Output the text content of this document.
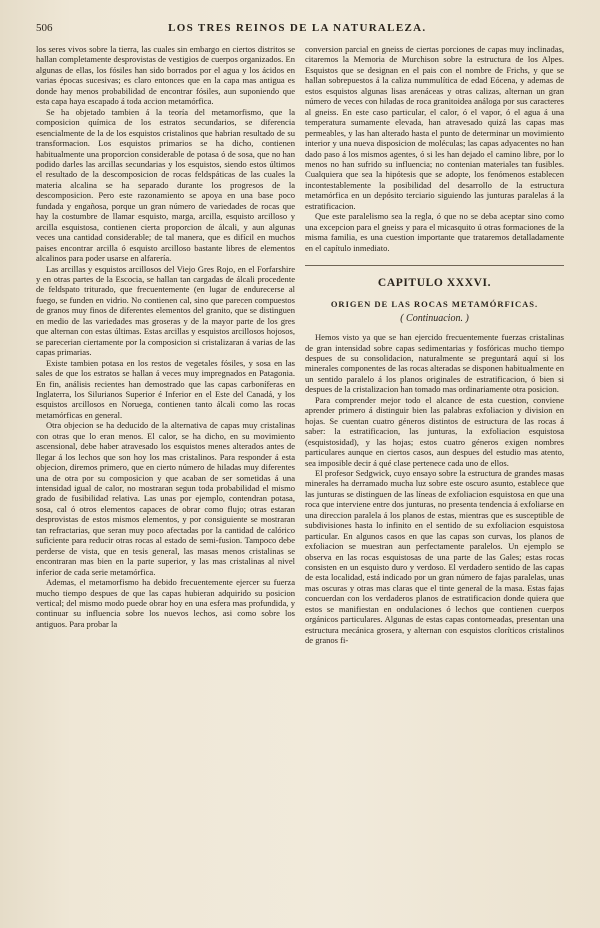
506	LOS TRES REINOS DE LA NATURALEZA.

los seres vivos sobre la tierra, las cuales sin embargo en ciertos distritos se hallan completamente desprovistas de vestigios de cuerpos organizados. En algunas de ellas, los fósiles han sido borrados por el agua y los ácidos en varias épocas sucesivas; es claro entonces que en la capa mas antigua es donde hay menos probabilidad de encontrar fósiles, aun suponiendo que esta capa haya escapado á toda accion metamórfica.

Se ha objetado tambien á la teoría del metamorfismo, que la composicion química de los estratos secundarios, se diferencia esencialmente de la de los esquistos cristalinos que habrian resultado de su transformacion. Los esquistos primarios se ha dicho, contienen habitualmente una proporcion considerable de potasa ó de sosa, que no han podido darles las arcillas secundarias y los esquistos, siendo estos últimos el resultado de la descomposicion de rocas feldspáticas de las cuales la materia alcalina se ha separado durante los progresos de la descomposicion. Pero este razonamiento se apoya en una base poco fundada y engañosa, porque un gran número de variedades de rocas que hay la costumbre de llamar esquisto, marga, arcilla, esquisto arcilloso y arcilla esquistosa, contienen cierta proporcion de álcali, y aun algunas veces una cantidad considerable; de tal manera, que es difícil en muchos paises encontrar arcilla ó esquisto arcilloso bastante libres de elementos alcalinos para poder usarse en alfarería.

Las arcillas y esquistos arcillosos del Viejo Gres Rojo, en el Forfarshire y en otras partes de la Escocia, se hallan tan cargadas de álcali procedente de feldspato triturado, que frecuentemente (en lugar de endurecerse al fuego, se funden en vidrio. No contienen cal, sino que parecen compuestos de granos muy finos de diferentes elementos del granito, que se distinguen en medio de las variedades mas groseras y de la mayor parte de los gres que alternan con estas últimas. Estas arcillas y esquistos arcillosos hojosos, se parecerian ciertamente por la composicion si cristalizaran á varias de las capas primarias.

Existe tambien potasa en los restos de vegetales fósiles, y sosa en las sales de que los estratos se hallan á veces muy impregnados en Patagonia. En fin, análisis recientes han demostrado que las capas carboníferas en Inglaterra, los Silurianos Superior é Inferior en el Este del Canadá, y los esquistos arcillosos en Noruega, contienen tanto álcali como las rocas metamórficas en general.

Otra objecion se ha deducido de la alternativa de capas muy cristalinas con otras que lo eran menos. El calor, se ha dicho, en su movimiento ascensional, debe haber atravesado los esquistos menes alterados antes de llegar á los lechos que son hoy los mas cristalinos. Para responder á esta objecion, diremos primero, que en cierto número de hiladas muy diferentes una de otra por su composicion y que acaban de ser sometidas á una intensidad igual de calor, no mostraran segun toda probabilidad el mismo grado de fusibilidad relativa. Las unas por ejemplo, contendran potasa, sosa, cal ó otros elementos capaces de obrar como flujo; otras estaran desprovistas de estos mismos elementos, y por consiguiente se mostraran tan refractarias, que seran muy poco afectadas por la cantidad de calórico suficiente para reducir otras rocas al estado de semi-fusion. Tampoco debe perderse de vista, que en tesis general, las masas menos cristalinas se encontraran mas bien en la parte superior, y las mas cristalinas al nivel inferior de cada serie metamórfica.

Ademas, el metamorfismo ha debido frecuentemente ejercer su fuerza mucho tiempo despues de que las capas hubieran adquirido su posicion vertical; del mismo modo puede obrar hoy en una esfera mas profundida, y continuar su influencia sobre los nuevos lechos, asi como sobre los antiguos. Para probar la

conversion parcial en gneiss de ciertas porciones de capas muy inclinadas, citaremos la Memoria de Murchison sobre la estructura de los Alpes. Esquistos que se designan en el pais con el nombre de Frichs, y que se hallan sobrepuestos á la caliza nummulítica de edad Eócena, y ademas de estos esquistos algunas lisas arenáceas y otras calizas, alternan un gran número de veces con hiladas de roca granitoidea análoga por sus caracteres al gneiss. En este caso particular, el calor, ó el vapor, ó el agua á una temperatura sumamente elevada, han atravesado quizá las capas mas permeables, y las han alterado hasta el punto de determinar un movimiento interior y una nueva disposicion de moléculas; las capas adyacentes no han dado paso á los mismos agentes, ó si les han dejado el camino libre, por lo menos no han sufrido su influencia; no contenian materiales tan fusibles. Cualquiera que sea la hipótesis que se adopte, los fenómenos establecen incontestablemente la posibilidad del desarrollo de la estructura metamórfica en un depósito terciario siguiendo las junturas paralelas á la estratificacion.

Que este paralelismo sea la regla, ó que no se deba aceptar sino como una excepcion para el gneiss y para el micasquito ú otras formaciones de la misma familia, es una cuestion importante que trataremos detalladamente en el capítulo inmediato.

CAPITULO XXXVI.
ORIGEN DE LAS ROCAS METAMÓRFICAS.
( Continuacion. )

Hemos visto ya que se han ejercido frecuentemente fuerzas cristalinas de gran intensidad sobre capas sedimentarias y fosfóricas mucho tiempo despues de su consolidacion, naturalmente se preguntará aquí si los minerales componentes de las rocas alteradas se disponen habitualmente en un sentido paralelo á los planos originales de estratificacion, ó bien si despues de la cristalizacion han tomado mas ordinariamente otra posicion.

Para comprender mejor todo el alcance de esta cuestion, conviene aprender primero á distinguir bien las palabras exfoliacion y division en hojas. Se cuentan cuatro géneros distintos de estructura de las rocas á saber: la estratificacion, las junturas, la exfoliacion esquistosa (esquistosidad), y las hojas; estos cuatro géneros exigen nombres particulares aunque en ciertos casos, aun despues del estudio mas atento, sea imposible decir á qué clase pertenece cada uno de ellos.

El profesor Sedgwick, cuyo ensayo sobre la estructura de grandes masas minerales ha derramado mucha luz sobre este oscuro asunto, establece que las junturas se distinguen de las líneas de exfoliacion esquistosa en que una roca que interviene entre dos junturas, no presenta tendencia á exfoliarse en una direccion paralela á los planos de estas, mientras que es susceptible de subdivisiones hasta lo infinito en el sentido de su exfoliacion esquistosa particular. En algunos casos en que las capas son curvas, los planos de exfoliacion se muestran aun perfectamente paralelos. Un ejemplo se observa en las rocas esquistosas de una parte de las Gales; estas rocas consisten en un esquisto duro y verdoso. El verdadero sentido de las capas de esta localidad, está indicado por un gran número de fajas paralelas, unas mas oscuras y otras mas claras que el tinte general de la masa. Estas fajas concuerdan con los verdaderos planos de estratificacion donde quiera que estos se manifiestan en ondulaciones ó lechos que contienen cuerpos orgánicos particulares. Algunas de estas capas contorneadas, presentan una estructura mecánica grosera, y alternan con esquistos cloríticos cristalinos de granos fi-
